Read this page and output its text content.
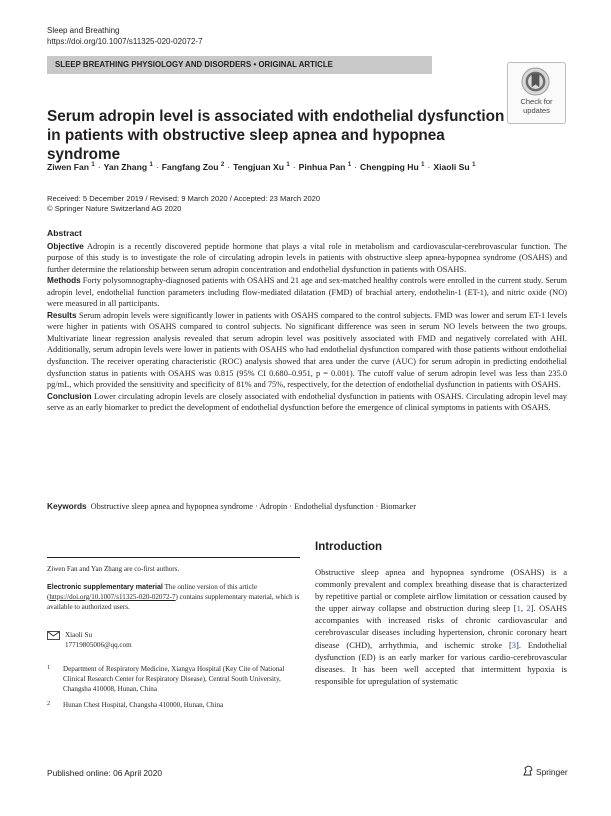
Sleep and Breathing
https://doi.org/10.1007/s11325-020-02072-7
SLEEP BREATHING PHYSIOLOGY AND DISORDERS • ORIGINAL ARTICLE
Check for
updates
Serum adropin level is associated with endothelial dysfunction
in patients with obstructive sleep apnea and hypopnea syndrome
Ziwen Fan $^1$ · Yan Zhang $^1$ · Fangfang Zou $^2$ · Tengjuan Xu $^1$ · Pinhua Pan $^1$ · Chengping Hu $^1$ · Xiaoli Su $^1$
Received: 5 December 2019 / Revised: 9 March 2020 / Accepted: 23 March 2020
© Springer Nature Switzerland AG 2020
Abstract

Objective Adropin is a recently discovered peptide hormone that plays a vital role in metabolism and cardiovascular-cerebrovascular function. The purpose of this study is to investigate the role of circulating adropin levels in patients with obstructive sleep apnea-hypopnea syndrome (OSAHS) and further determine the relationship between serum adropin concentration and endothelial dysfunction in patients with OSAHS.

Methods Forty polysomnography-diagnosed patients with OSAHS and 21 age and sex-matched healthy controls were enrolled in the current study. Serum adropin level, endothelial function parameters including flow-mediated dilatation (FMD) of brachial artery, endothelin-1 (ET-1), and nitric oxide (NO) were measured in all participants.

Results Serum adropin levels were significantly lower in patients with OSAHS compared to the control subjects. FMD was lower and serum ET-1 levels were higher in patients with OSAHS compared to control subjects. No significant difference was seen in serum NO levels between the two groups. Multivariate linear regression analysis revealed that serum adropin level was positively associated with FMD and negatively correlated with AHI. Additionally, serum adropin levels were lower in patients with OSAHS who had endothelial dysfunction compared with those patients without endothelial dysfunction. The receiver operating characteristic (ROC) analysis showed that area under the curve (AUC) for serum adropin in predicting endothelial dysfunction status in patients with OSAHS was 0.815 (95% CI 0.680–0.951, p = 0.001). The cutoff value of serum adropin level was less than 235.0 pg/mL, which provided the sensitivity and specificity of 81% and 75%, respectively, for the detection of endothelial dysfunction in patients with OSAHS.

Conclusion Lower circulating adropin levels are closely associated with endothelial dysfunction in patients with OSAHS. Circulating adropin level may serve as an early biomarker to predict the development of endothelial dysfunction before the emergence of clinical symptoms in patients with OSAHS.

Keywords Obstructive sleep apnea and hypopnea syndrome · Adropin · Endothelial dysfunction · Biomarker

Ziwen Fan and Yan Zhang are co-first authors.

Electronic supplementary material The online version of this article (https://doi.org/10.1007/s11325-020-02072-7) contains supplementary material, which is available to authorized users.

Xiaoli Su
17719805006@qq.com
1 Department of Respiratory Medicine, Xiangya Hospital (Key Cite of National Clinical Research Center for Respiratory Disease), Central South University, Changsha 410008, Hunan, China
2 Hunan Chest Hospital, Changsha 410000, Hunan, China
Introduction
Obstructive sleep apnea and hypopnea syndrome (OSAHS) is a commonly prevalent and complex breathing disease that is characterized by repetitive partial or complete airflow limitation or cessation caused by the upper airway collapse and obstruction during sleep [1, 2]. OSAHS accompanies with increased risks of chronic cardiovascular and cerebrovascular diseases including hypertension, chronic coronary heart disease (CHD), arrhythmia, and ischemic stroke [3]. Endothelial dysfunction (ED) is an early marker for various cardio-cerebrovascular diseases. It has been well accepted that intermittent hypoxia is responsible for upregulation of systematic
Published online: 06 April 2020	Springer
